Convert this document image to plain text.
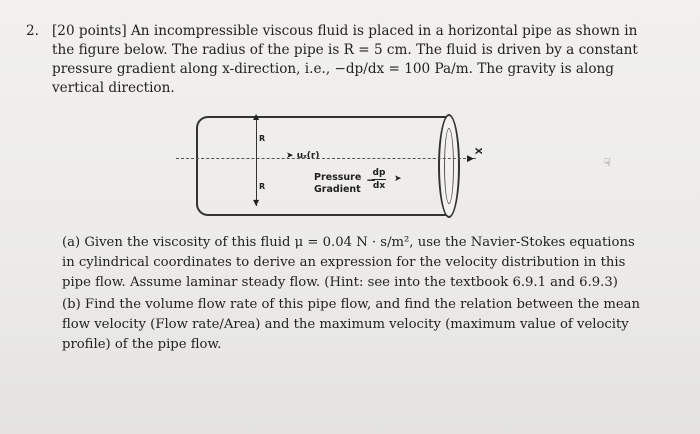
2. [20 points] An incompressible viscous fluid is placed in a horizontal pipe as shown in
the figure below. The radius of the pipe is R = 5 cm. The fluid is driven by a constant
pressure gradient along x-direction, i.e., −dp/dx = 100 Pa/m. The gravity is along
vertical direction.
▶
X
R
R
▲
▼
➤ uₓ(r)
Pressure
Gradient
−
dp
dx
➤
☟
(a) Given the viscosity of this fluid μ = 0.04 N · s/m², use the Navier-Stokes equations
in cylindrical coordinates to derive an expression for the velocity distribution in this
pipe flow. Assume laminar steady flow. (Hint: see into the textbook 6.9.1 and 6.9.3)
(b) Find the volume flow rate of this pipe flow, and find the relation between the mean
flow velocity (Flow rate/Area) and the maximum velocity (maximum value of velocity
profile) of the pipe flow.
